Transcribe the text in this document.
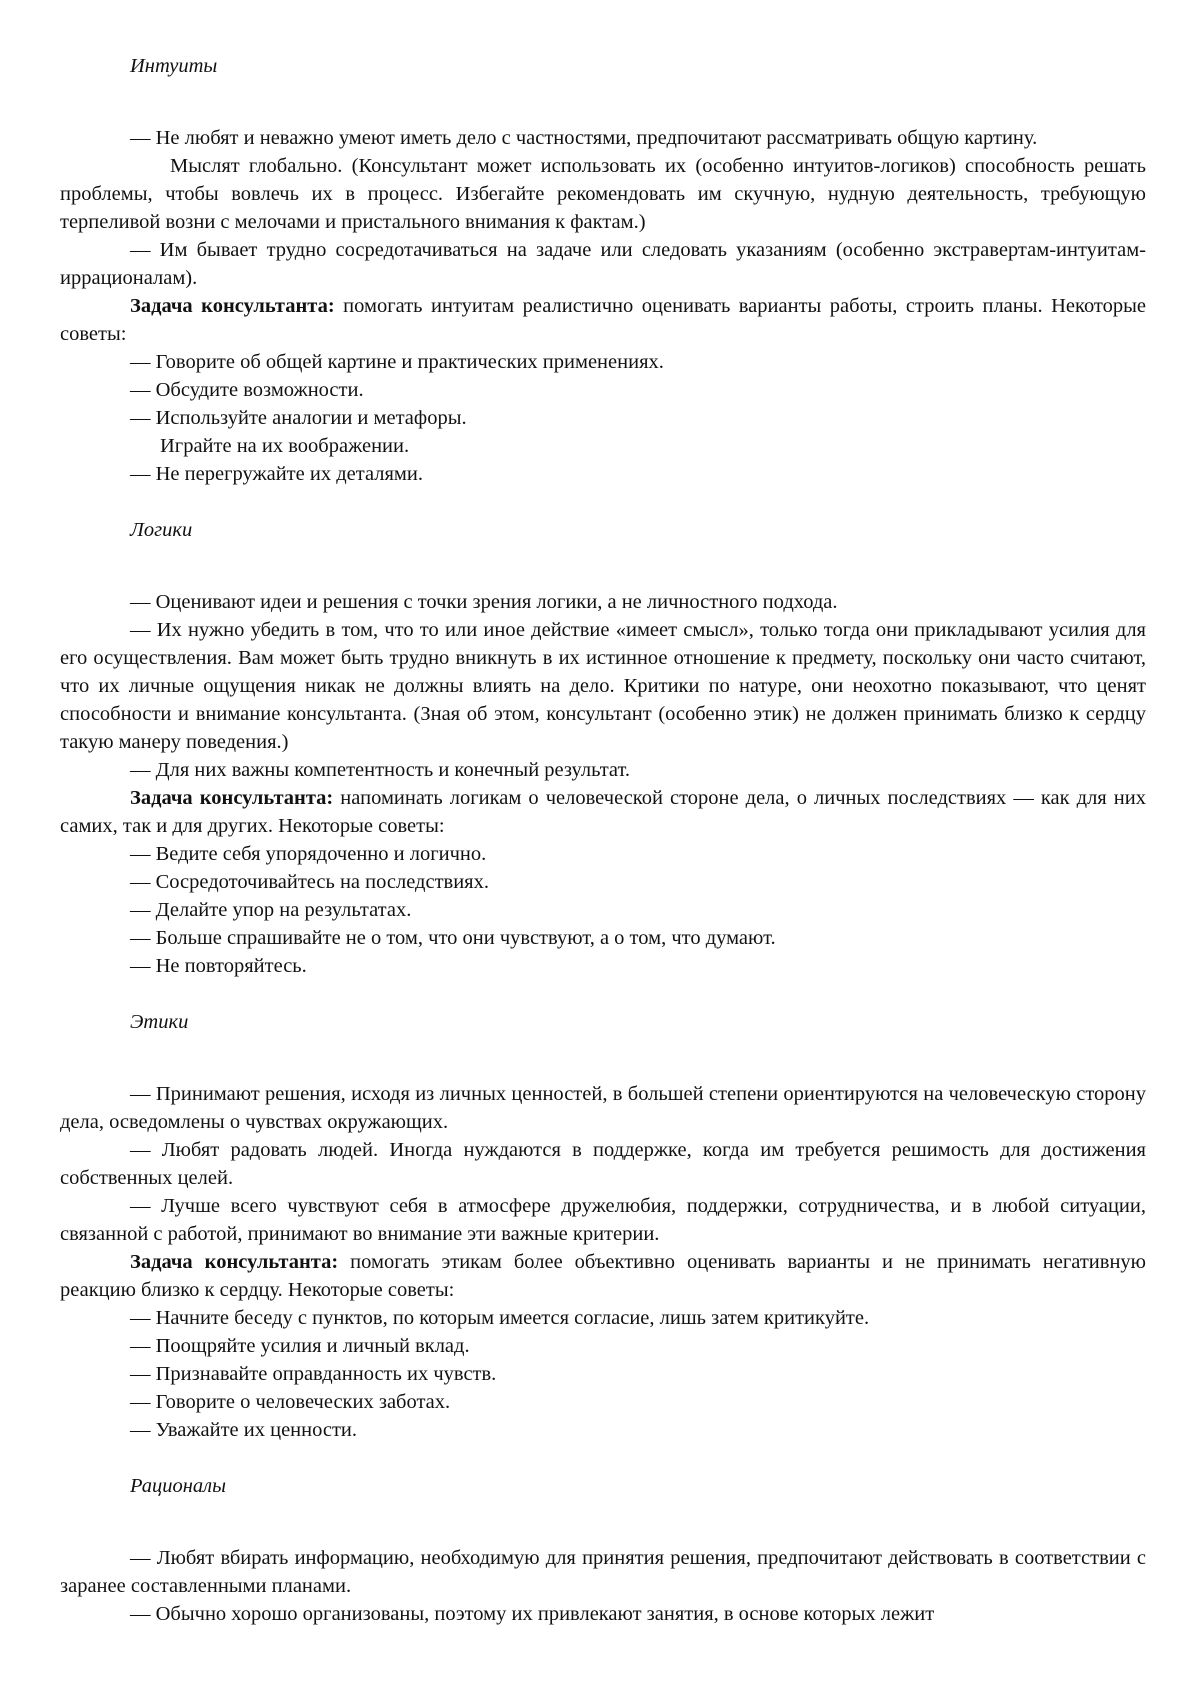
Интуиты

— Не любят и неважно умеют иметь дело с частностями, предпочитают рассматривать общую картину.

Мыслят глобально. (Консультант может использовать их (особенно интуитов-логиков) способность решать проблемы, чтобы вовлечь их в процесс. Избегайте рекомендовать им скучную, нудную деятельность, требующую терпеливой возни с мелочами и пристального внимания к фактам.)

— Им бывает трудно сосредотачиваться на задаче или следовать указаниям (особенно экстравертам-интуитам-иррационалам).

Задача консультанта: помогать интуитам реалистично оценивать варианты работы, строить планы. Некоторые советы:

— Говорите об общей картине и практических применениях.

— Обсудите возможности.

— Используйте аналогии и метафоры.

Играйте на их воображении.

— Не перегружайте их деталями.

Логики

— Оценивают идеи и решения с точки зрения логики, а не личностного подхода.

— Их нужно убедить в том, что то или иное действие «имеет смысл», только тогда они прикладывают усилия для его осуществления. Вам может быть трудно вникнуть в их истинное отношение к предмету, поскольку они часто считают, что их личные ощущения никак не должны влиять на дело. Критики по натуре, они неохотно показывают, что ценят способности и внимание консультанта. (Зная об этом, консультант (особенно этик) не должен принимать близко к сердцу такую манеру поведения.)

— Для них важны компетентность и конечный результат.

Задача консультанта: напоминать логикам о человеческой стороне дела, о личных последствиях — как для них самих, так и для других. Некоторые советы:

— Ведите себя упорядоченно и логично.

— Сосредоточивайтесь на последствиях.

— Делайте упор на результатах.

— Больше спрашивайте не о том, что они чувствуют, а о том, что думают.

— Не повторяйтесь.

Этики

— Принимают решения, исходя из личных ценностей, в большей степени ориентируются на человеческую сторону дела, осведомлены о чувствах окружающих.

— Любят радовать людей. Иногда нуждаются в поддержке, когда им требуется решимость для достижения собственных целей.

— Лучше всего чувствуют себя в атмосфере дружелюбия, поддержки, сотрудничества, и в любой ситуации, связанной с работой, принимают во внимание эти важные критерии.

Задача консультанта: помогать этикам более объективно оценивать варианты и не принимать негативную реакцию близко к сердцу. Некоторые советы:

— Начните беседу с пунктов, по которым имеется согласие, лишь затем критикуйте.

— Поощряйте усилия и личный вклад.

— Признавайте оправданность их чувств.

— Говорите о человеческих заботах.

— Уважайте их ценности.

Рационалы

— Любят вбирать информацию, необходимую для принятия решения, предпочитают действовать в соответствии с заранее составленными планами.

— Обычно хорошо организованы, поэтому их привлекают занятия, в основе которых лежит
